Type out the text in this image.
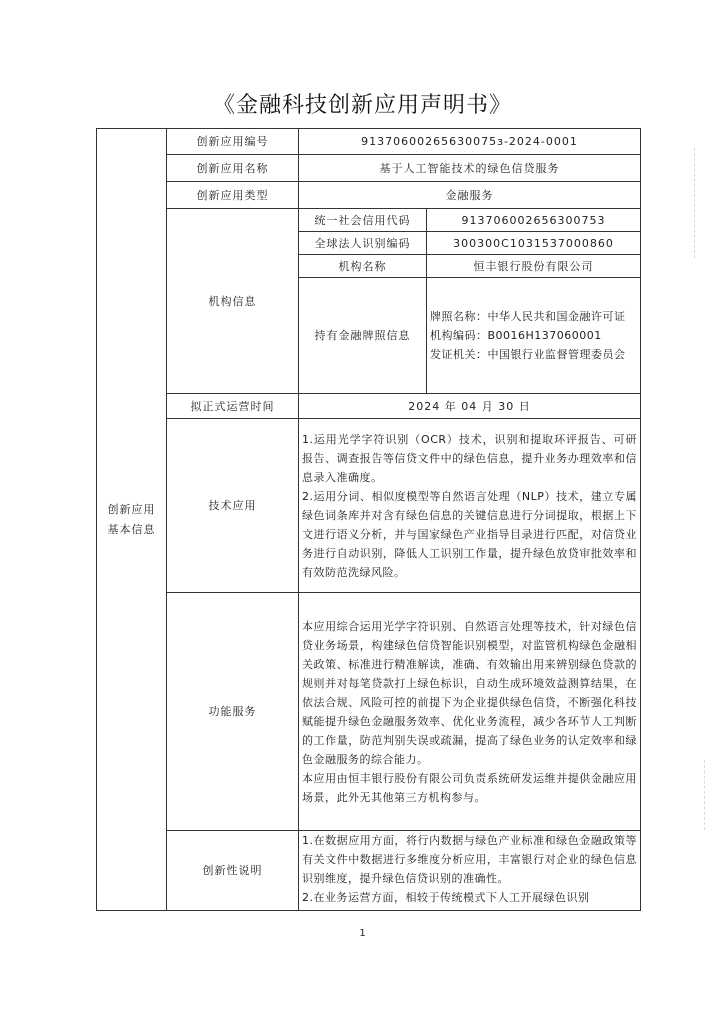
《金融科技创新应用声明书》
创新应用
基本信息	创新应用编号	91370600265630075з-2024-0001	
	创新应用名称	基于人工智能技术的绿色信贷服务	
	创新应用类型	金融服务	
	机构信息	统一社会信用代码	913706002656300753
		全球法人识别编码	300300C1031537000860
		机构名称	恒丰银行股份有限公司
		持有金融牌照信息	牌照名称：中华人民共和国金融许可证
机构编码：B0016H137060001
发证机关：中国银行业监督管理委员会

	拟正式运营时间	2024 年 04 月 30 日	
	技术应用	1.运用光学字符识别（OCR）技术，识别和提取环评报告、可研报告、调查报告等信贷文件中的绿色信息，提升业务办理效率和信息录入准确度。
2.运用分词、相似度模型等自然语言处理（NLP）技术，建立专属绿色词条库并对含有绿色信息的关键信息进行分词提取，根据上下文进行语义分析，并与国家绿色产业指导目录进行匹配，对信贷业务进行自动识别，降低人工识别工作量，提升绿色放贷审批效率和有效防范洗绿风险。	

	功能服务	本应用综合运用光学字符识别、自然语言处理等技术，针对绿色信贷业务场景，构建绿色信贷智能识别模型，对监管机构绿色金融相关政策、标准进行精准解读，准确、有效输出用来辨别绿色贷款的规则并对每笔贷款打上绿色标识，自动生成环境效益测算结果，在依法合规、风险可控的前提下为企业提供绿色信贷，不断强化科技赋能提升绿色金融服务效率、优化业务流程，减少各环节人工判断的工作量，防范判别失误或疏漏，提高了绿色业务的认定效率和绿色金融服务的综合能力。
本应用由恒丰银行股份有限公司负责系统研发运维并提供金融应用场景，此外无其他第三方机构参与。	

	创新性说明	1.在数据应用方面，将行内数据与绿色产业标准和绿色金融政策等有关文件中数据进行多维度分析应用，丰富银行对企业的绿色信息识别维度，提升绿色信贷识别的准确性。
2.在业务运营方面，相较于传统模式下人工开展绿色识别	
1
